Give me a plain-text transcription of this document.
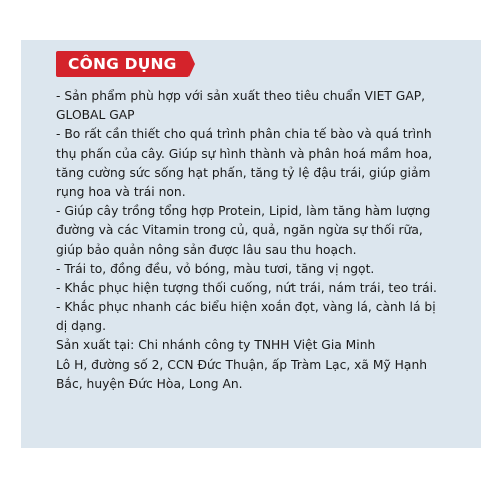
CÔNG DỤNG
- Sản phẩm phù hợp với sản xuất theo tiêu chuẩn VIET GAP,
GLOBAL GAP
- Bo rất cần thiết cho quá trình phân chia tế bào và quá trình
thụ phấn của cây. Giúp sự hình thành và phân hoá mầm hoa,
tăng cường sức sống hạt phấn, tăng tỷ lệ đậu trái, giúp giảm
rụng hoa và trái non.
- Giúp cây trồng tổng hợp Protein, Lipid, làm tăng hàm lượng
đường và các Vitamin trong củ, quả, ngăn ngừa sự thối rữa,
giúp bảo quản nông sản được lâu sau thu hoạch.
- Trái to, đồng đều, vỏ bóng, màu tươi, tăng vị ngọt.
- Khắc phục hiện tượng thối cuống, nứt trái, nám trái, teo trái.
- Khắc phục nhanh các biểu hiện xoắn đọt, vàng lá, cành lá bị
dị dạng.
Sản xuất tại: Chi nhánh công ty TNHH Việt Gia Minh
Lô H, đường số 2, CCN Đức Thuận, ấp Tràm Lạc, xã Mỹ Hạnh
Bắc, huyện Đức Hòa, Long An.
